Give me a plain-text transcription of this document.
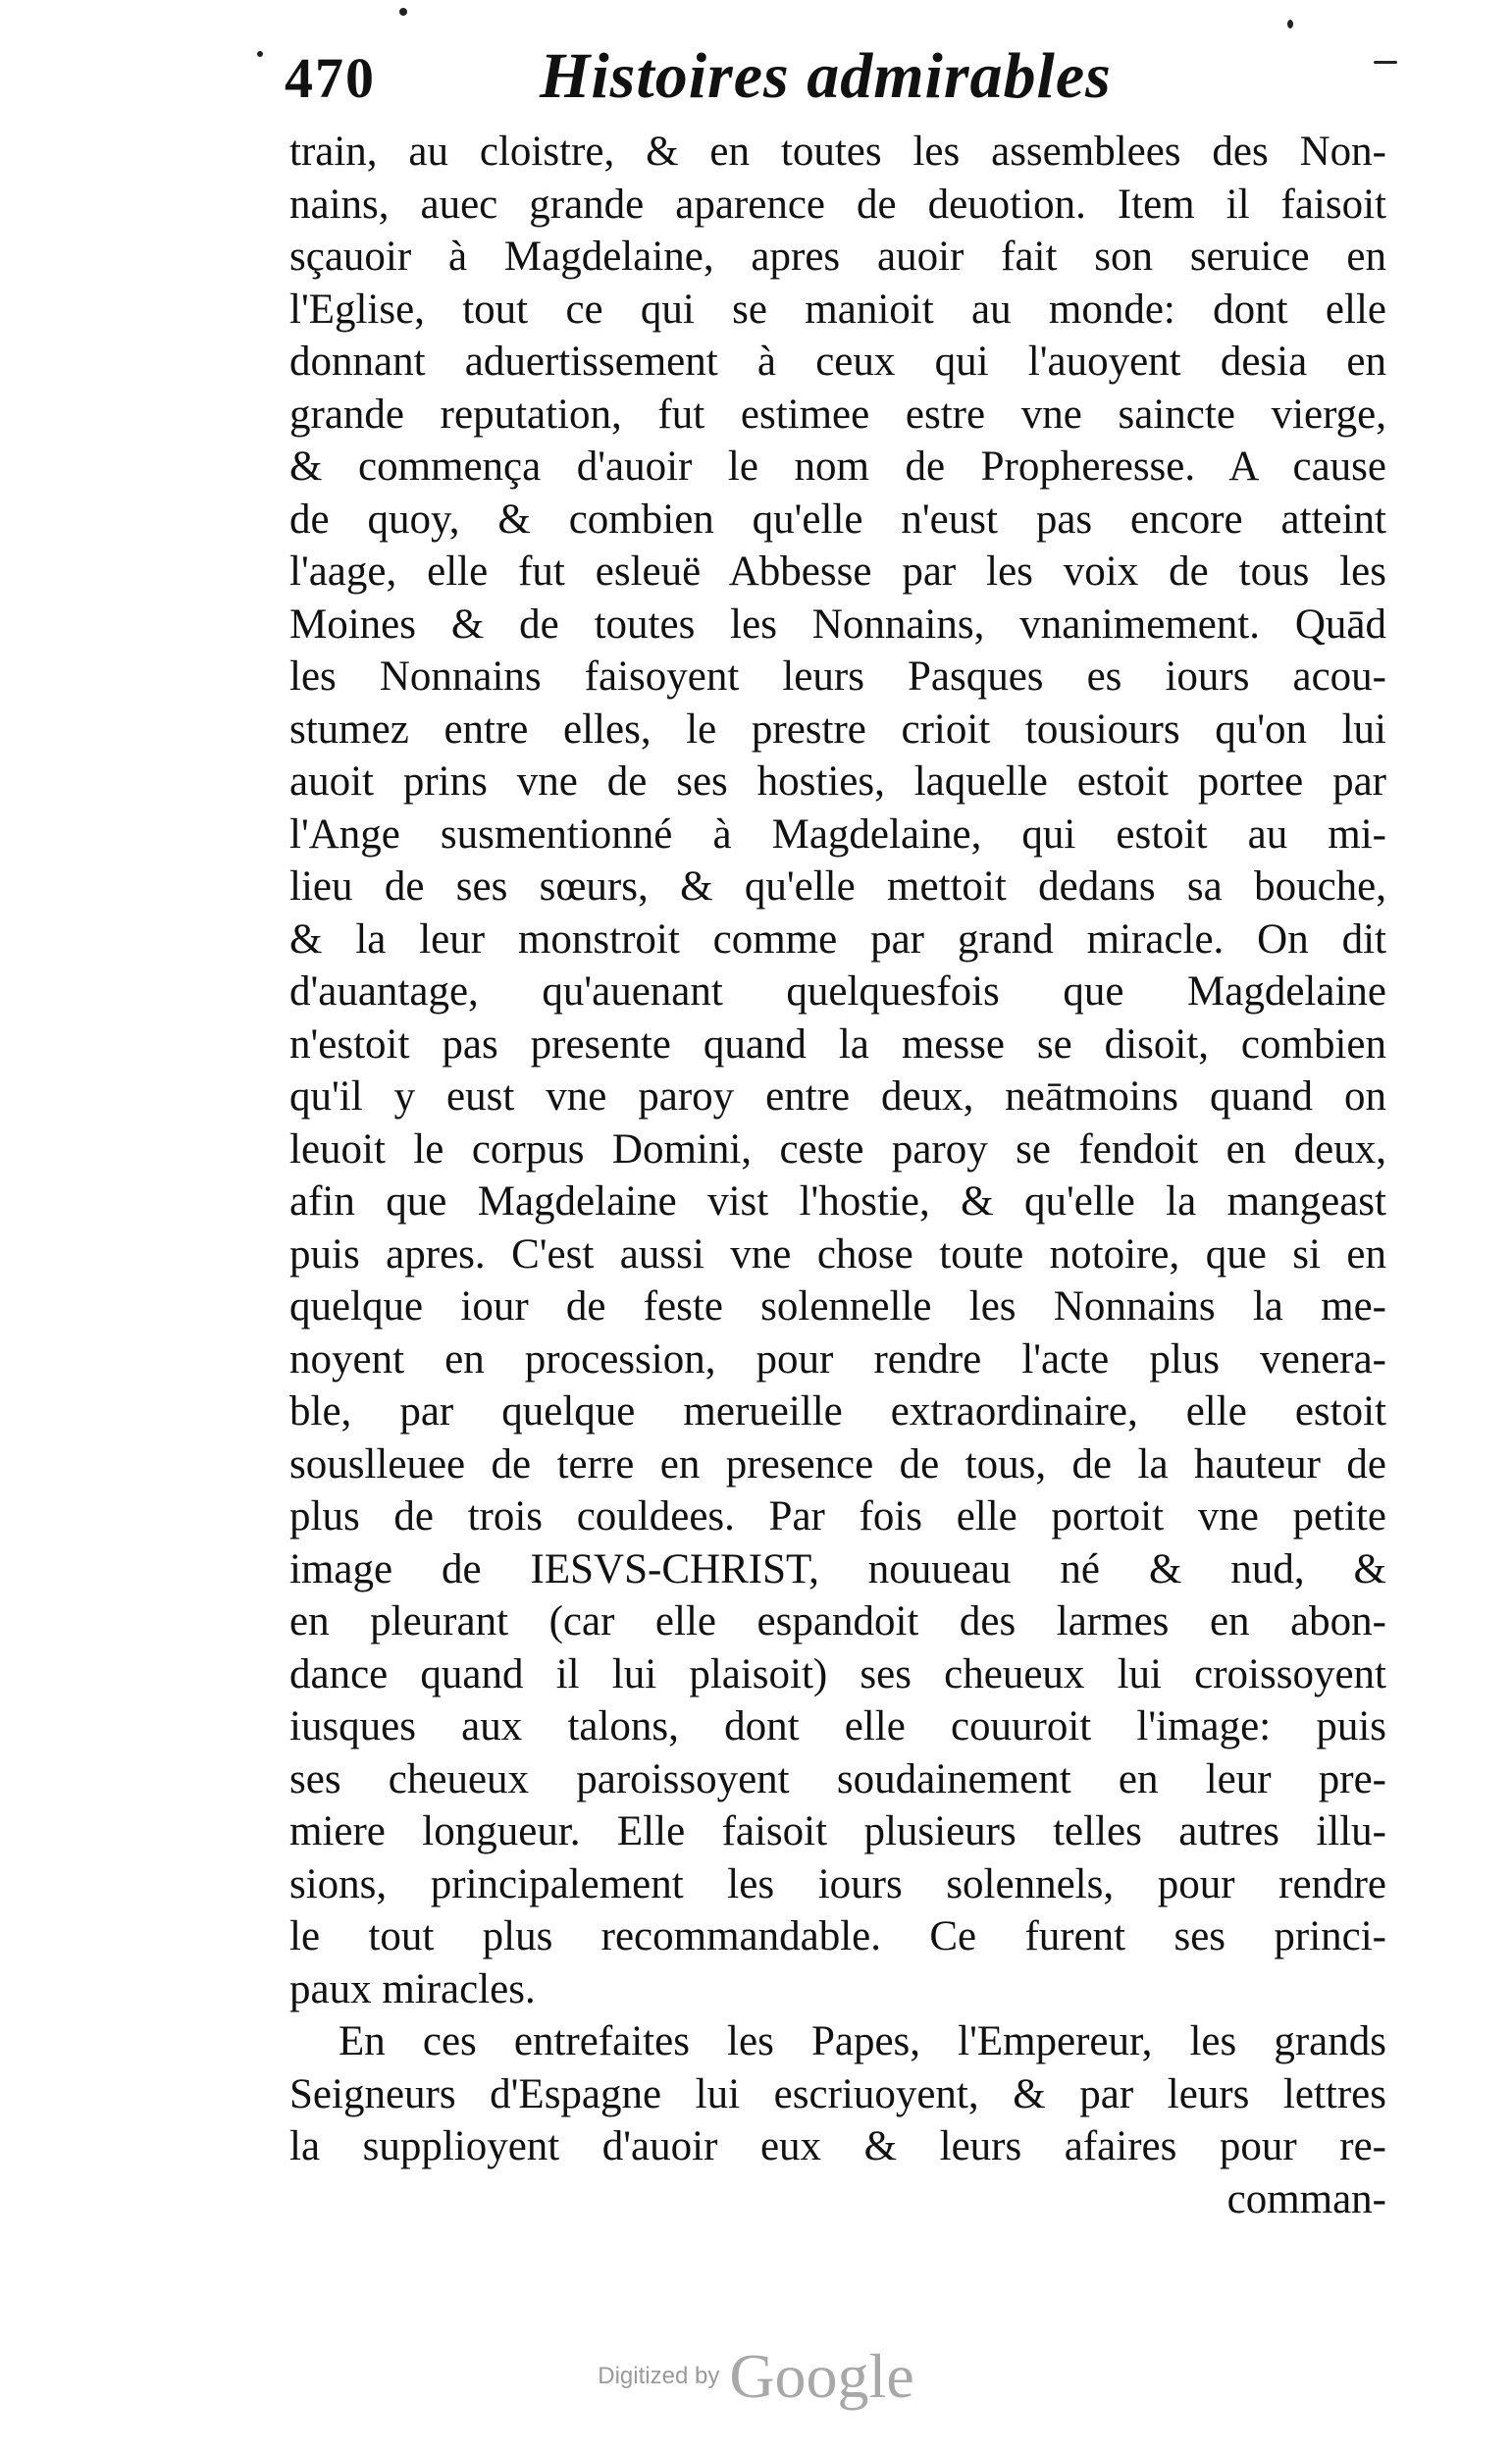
470	Histoires admirables
train, au cloistre, & en toutes les assemblees des Non-
nains, auec grande aparence de deuotion. Item il faisoit
sçauoir à Magdelaine, apres auoir fait son seruice en
l'Eglise, tout ce qui se manioit au monde: dont elle
donnant aduertissement à ceux qui l'auoyent desia en
grande reputation, fut estimee estre vne saincte vierge,
& commença d'auoir le nom de Propheresse. A cause
de quoy, & combien qu'elle n'eust pas encore atteint
l'aage, elle fut esleuë Abbesse par les voix de tous les
Moines & de toutes les Nonnains, vnanimement. Quād
les Nonnains faisoyent leurs Pasques es iours acou-
stumez entre elles, le prestre crioit tousiours qu'on lui
auoit prins vne de ses hosties, laquelle estoit portee par
l'Ange susmentionné à Magdelaine, qui estoit au mi-
lieu de ses sœurs, & qu'elle mettoit dedans sa bouche,
& la leur monstroit comme par grand miracle. On dit
d'auantage, qu'auenant quelquesfois que Magdelaine
n'estoit pas presente quand la messe se disoit, combien
qu'il y eust vne paroy entre deux, neātmoins quand on
leuoit le corpus Domini, ceste paroy se fendoit en deux,
afin que Magdelaine vist l'hostie, & qu'elle la mangeast
puis apres. C'est aussi vne chose toute notoire, que si en
quelque iour de feste solennelle les Nonnains la me-
noyent en procession, pour rendre l'acte plus venera-
ble, par quelque merueille extraordinaire, elle estoit
souslleuee de terre en presence de tous, de la hauteur de
plus de trois couldees. Par fois elle portoit vne petite
image de IESVS-CHRIST, nouueau né & nud, &
en pleurant (car elle espandoit des larmes en abon-
dance quand il lui plaisoit) ses cheueux lui croissoyent
iusques aux talons, dont elle couuroit l'image: puis
ses cheueux paroissoyent soudainement en leur pre-
miere longueur. Elle faisoit plusieurs telles autres illu-
sions, principalement les iours solennels, pour rendre
le tout plus recommandable. Ce furent ses princi-
paux miracles.
En ces entrefaites les Papes, l'Empereur, les grands
Seigneurs d'Espagne lui escriuoyent, & par leurs lettres
la supplioyent d'auoir eux & leurs afaires pour re-
comman-
Digitized by Google
